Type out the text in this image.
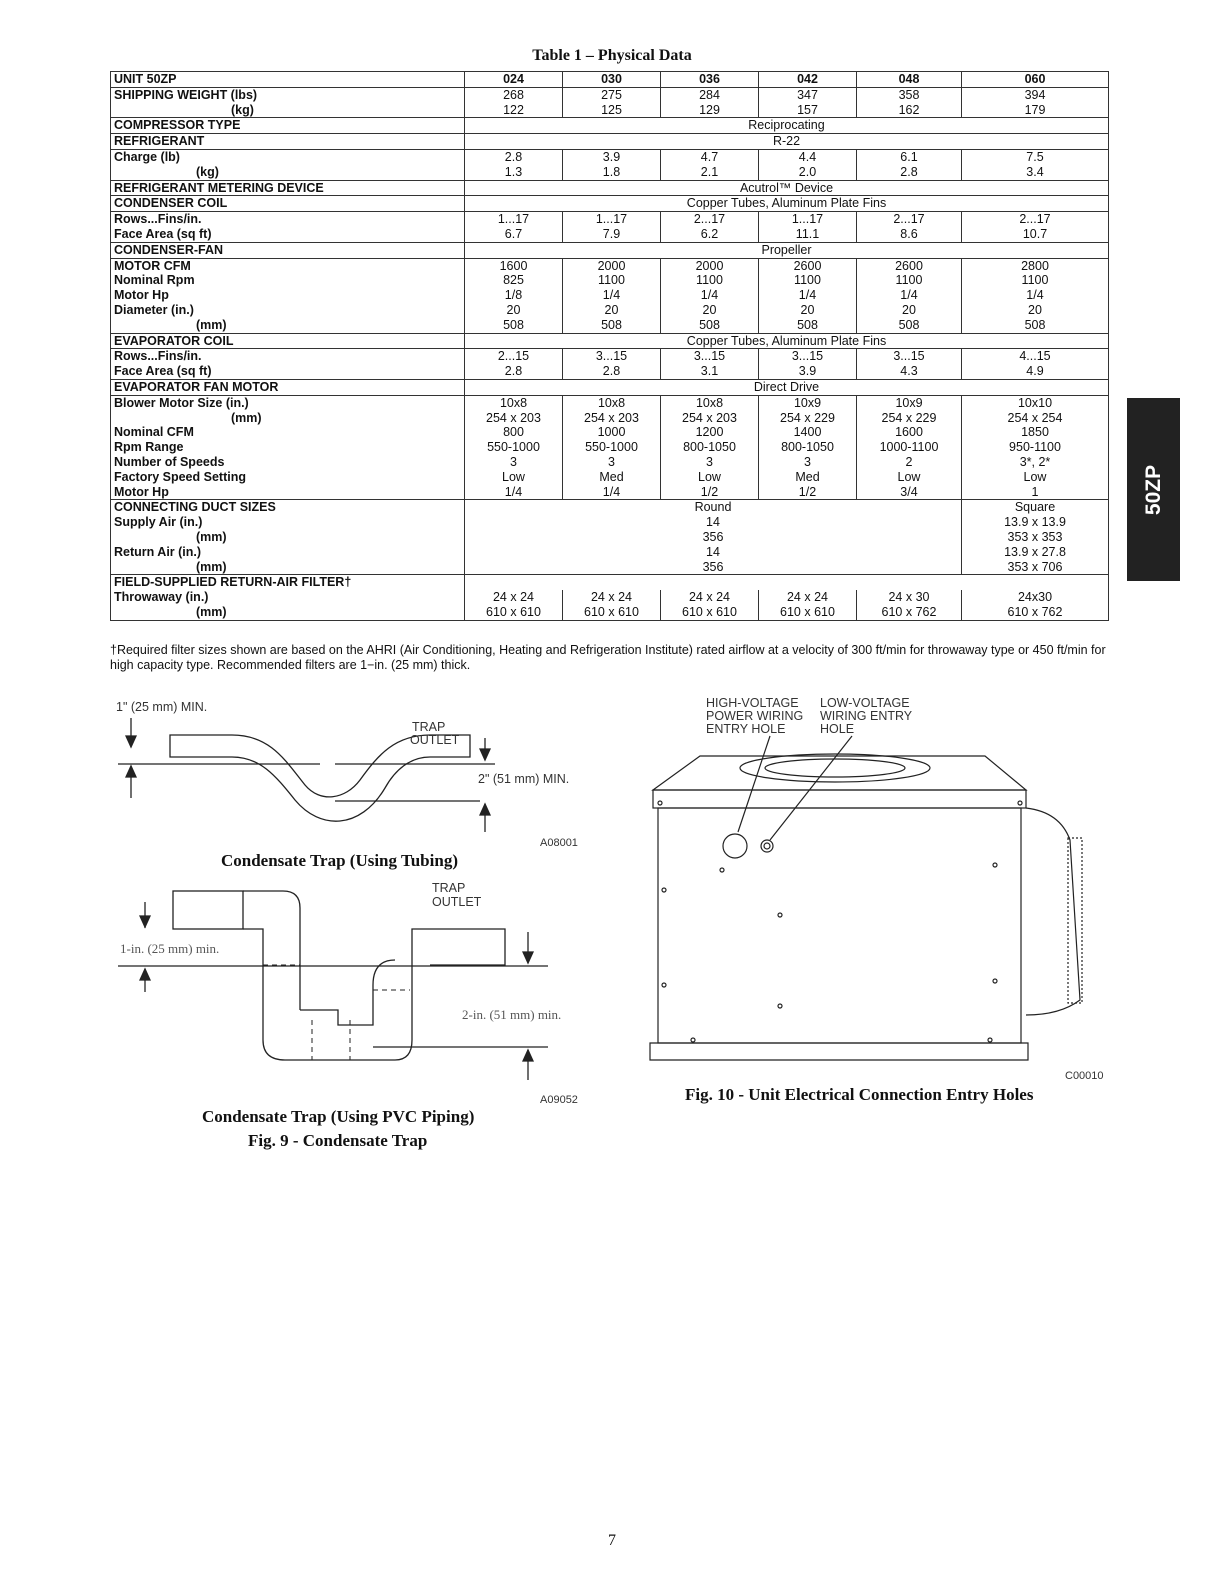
Table 1 – Physical Data
UNIT 50ZP	024	030	036	042	048	060
SHIPPING WEIGHT (lbs)	268	275	284	347	358	394
(kg)	122	125	129	157	162	179
COMPRESSOR TYPE	Reciprocating					
REFRIGERANT	R-22					
Charge (lb)	2.8	3.9	4.7	4.4	6.1	7.5
(kg)	1.3	1.8	2.1	2.0	2.8	3.4
REFRIGERANT METERING DEVICE	Acutrol™ Device					
CONDENSER COIL	Copper Tubes, Aluminum Plate Fins					
Rows...Fins/in.	1...17	1...17	2...17	1...17	2...17	2...17
Face Area (sq ft)	6.7	7.9	6.2	11.1	8.6	10.7
CONDENSER-FAN	Propeller					
MOTOR CFM	1600	2000	2000	2600	2600	2800
Nominal Rpm	825	1100	1100	1100	1100	1100
Motor Hp	1/8	1/4	1/4	1/4	1/4	1/4
Diameter (in.)	20	20	20	20	20	20
(mm)	508	508	508	508	508	508
EVAPORATOR COIL	Copper Tubes, Aluminum Plate Fins					
Rows...Fins/in.	2...15	3...15	3...15	3...15	3...15	4...15
Face Area (sq ft)	2.8	2.8	3.1	3.9	4.3	4.9
EVAPORATOR FAN MOTOR	Direct Drive					
Blower Motor Size (in.)	10x8	10x8	10x8	10x9	10x9	10x10
(mm)	254 x 203	254 x 203	254 x 203	254 x 229	254 x 229	254 x 254
Nominal CFM	800	1000	1200	1400	1600	1850
Rpm Range	550-1000	550-1000	800-1050	800-1050	1000-1100	950-1100
Number of Speeds	3	3	3	3	2	3*, 2*
Factory Speed Setting	Low	Med	Low	Med	Low	Low
Motor Hp	1/4	1/4	1/2	1/2	3/4	1
CONNECTING DUCT SIZES	Round					Square
Supply Air (in.)	14					13.9 x 13.9
(mm)	356					353 x 353
Return Air (in.)	14					13.9 x 27.8
(mm)	356					353 x 706
FIELD-SUPPLIED RETURN-AIR FILTER†						
Throwaway (in.)	24 x 24	24 x 24	24 x 24	24 x 24	24 x 30	24x30
(mm)	610 x 610	610 x 610	610 x 610	610 x 610	610 x 762	610 x 762
†Required filter sizes shown are based on the AHRI (Air Conditioning, Heating and Refrigeration Institute) rated airflow at a velocity of 300 ft/min for throwaway type or 450 ft/min for high capacity type. Recommended filters are 1−in. (25 mm) thick.
50ZP
1" (25 mm) MIN.
TRAP
OUTLET
2" (51 mm) MIN.
A08001
Condensate Trap (Using Tubing)
TRAP
OUTLET
1-in. (25 mm) min.
2-in. (51 mm) min.
A09052
Condensate Trap (Using PVC Piping)
Fig. 9 - Condensate Trap
HIGH-VOLTAGE
POWER WIRING
ENTRY HOLE
LOW-VOLTAGE
WIRING ENTRY
HOLE
C00010
Fig. 10 - Unit Electrical Connection Entry Holes
7
